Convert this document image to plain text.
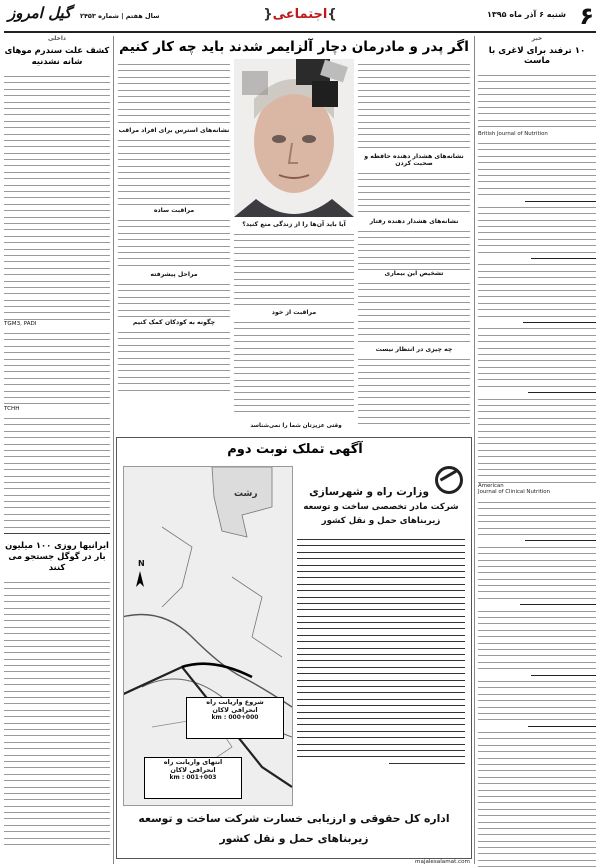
۶
شنبه ۶ آذر ماه ۱۳۹۵
}اجتماعی{
سال هفتم | شماره ۲۴۵۳
گیل امروز
خبر
۱۰ ترفند برای لاغری با ماست
British Journal of Nutrition
American
Journal of Clinical Nutrition
داخلی
کشف علت سندرم موهای شانه نشدنیه
TGM3, PADI
TCHH
ایرانیها روزی ۱۰۰ میلیون بار در گوگل جستجو می کنند
اگر پدر و مادرمان دچار آلزایمر شدند باید چه کار کنیم
نشانه‌های هشدار دهنده حافظه و صحبت کردن
نشانه‌های هشدار دهنده رفتار
تشخیص این بیماری
چه چیزی در انتظار نیست
نشانه‌های استرس برای افراد مراقب
مراقبت ساده
مراحل پیشرفته
چگونه به کودکان کمک کنیم
آیا باید آن‌ها را از زندگی منع کنید؟
مراقبت از خود
وقتی عزیزتان شما را نمی‌شناسد
آگهی تملک نوبت دوم
رشت
N
شروع واریانت راه
انحرافی لاکان
km : 000+000
انتهای واریانت راه
انحرافی لاکان
km : 001+003
وزارت راه و شهرسازی
شرکت مادر تخصصی ساخت و توسعه
زیربناهای حمل و نقل کشور
اداره کل حقوقی و ارزیابی خسارت شرکت ساخت و توسعه
زیربناهای حمل و نقل کشور
majalesalamat.com
